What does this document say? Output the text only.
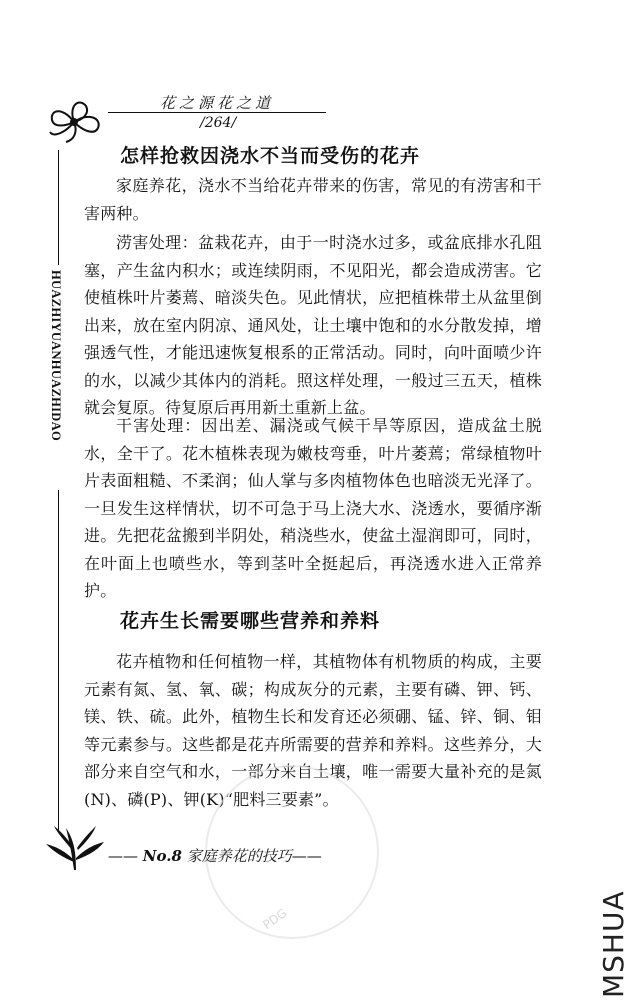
花之源花之道
/264/
HUAZHIYUANHUAZHIDAO
怎样抢救因浇水不当而受伤的花卉

家庭养花，浇水不当给花卉带来的伤害，常见的有涝害和干害两种。

涝害处理：盆栽花卉，由于一时浇水过多，或盆底排水孔阻塞，产生盆内积水；或连续阴雨，不见阳光，都会造成涝害。它使植株叶片萎蔫、暗淡失色。见此情状，应把植株带土从盆里倒出来，放在室内阴凉、通风处，让土壤中饱和的水分散发掉，增强透气性，才能迅速恢复根系的正常活动。同时，向叶面喷少许的水，以减少其体内的消耗。照这样处理，一般过三五天，植株就会复原。待复原后再用新土重新上盆。

干害处理：因出差、漏浇或气候干旱等原因，造成盆土脱水，全干了。花木植株表现为嫩枝弯垂，叶片萎蔫；常绿植物叶片表面粗糙、不柔润；仙人掌与多肉植物体色也暗淡无光泽了。一旦发生这样情状，切不可急于马上浇大水、浇透水，要循序渐进。先把花盆搬到半阴处，稍浇些水，使盆土湿润即可，同时，在叶面上也喷些水，等到茎叶全挺起后，再浇透水进入正常养护。

花卉生长需要哪些营养和养料

花卉植物和任何植物一样，其植物体有机物质的构成，主要元素有氮、氢、氧、碳；构成灰分的元素，主要有磷、钾、钙、镁、铁、硫。此外，植物生长和发育还必须硼、锰、锌、铜、钼等元素参与。这些都是花卉所需要的营养和养料。这些养分，大部分来自空气和水，一部分来自土壤，唯一需要大量补充的是氮(N)、磷(P)、钾(K)“肥料三要素”。

PDG
—— No.8 家庭养花的技巧——
MSHUA
